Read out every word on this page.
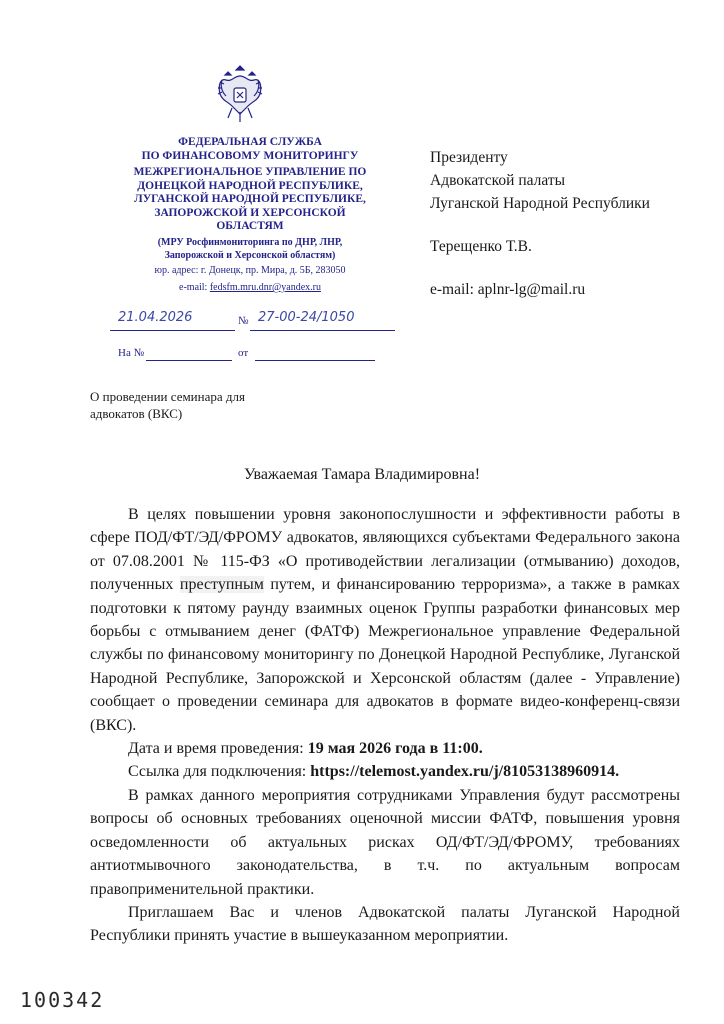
ФЕДЕРАЛЬНАЯ СЛУЖБА
ПО ФИНАНСОВОМУ МОНИТОРИНГУ
МЕЖРЕГИОНАЛЬНОЕ УПРАВЛЕНИЕ ПО
ДОНЕЦКОЙ НАРОДНОЙ РЕСПУБЛИКЕ,
ЛУГАНСКОЙ НАРОДНОЙ РЕСПУБЛИКЕ,
ЗАПОРОЖСКОЙ И ХЕРСОНСКОЙ
ОБЛАСТЯМ
(МРУ Росфинмониторинга по ДНР, ЛНР,
Запорожской и Херсонской областям)
юр. адрес: г. Донецк, пр. Мира, д. 5Б, 283050
e-mail: fedsfm.mru.dnr@yandex.ru
21.04.2026	№ 27-00-24/1050
На №	от
Президенту
Адвокатской палаты
Луганской Народной Республики
Терещенко Т.В.
e-mail: aplnr-lg@mail.ru
О проведении семинара для
адвокатов (ВКС)
Уважаемая Тамара Владимировна!

В целях повышении уровня законопослушности и эффективности работы в сфере ПОД/ФТ/ЭД/ФРОМУ адвокатов, являющихся субъектами Федерального закона от 07.08.2001 № 115-ФЗ «О противодействии легализации (отмыванию) доходов, полученных преступным путем, и финансированию терроризма», а также в рамках подготовки к пятому раунду взаимных оценок Группы разработки финансовых мер борьбы с отмыванием денег (ФАТФ) Межрегиональное управление Федеральной службы по финансовому мониторингу по Донецкой Народной Республике, Луганской Народной Республике, Запорожской и Херсонской областям (далее - Управление) сообщает о проведении семинара для адвокатов в формате видео-конференц-связи (ВКС).

Дата и время проведения: 19 мая 2026 года в 11:00.

Ссылка для подключения: https://telemost.yandex.ru/j/81053138960914.

В рамках данного мероприятия сотрудниками Управления будут рассмотрены вопросы об основных требованиях оценочной миссии ФАТФ, повышения уровня осведомленности об актуальных рисках ОД/ФТ/ЭД/ФРОМУ, требованиях антиотмывочного законодательства, в т.ч. по актуальным вопросам правоприменительной практики.

Приглашаем Вас и членов Адвокатской палаты Луганской Народной Республики принять участие в вышеуказанном мероприятии.

100342
